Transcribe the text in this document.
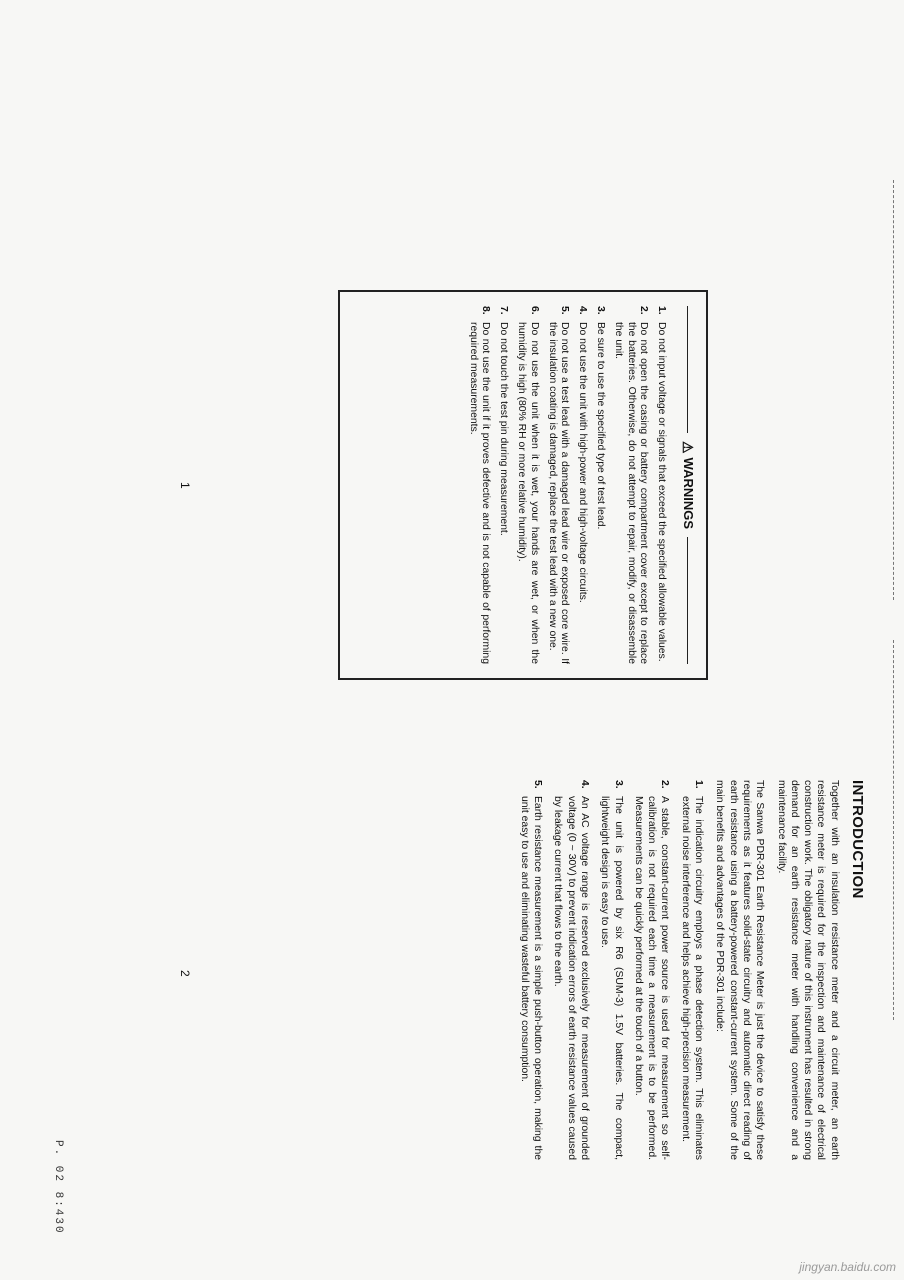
⚠
WARNINGS
1.
Do not input voltage or signals that exceed the specified allowable values.
2.
Do not open the casing or battery compartment cover except to replace the batteries. Otherwise, do not attempt to repair, modify, or disassemble the unit.
3.
Be sure to use the specified type of test lead.
4.
Do not use the unit with high-power and high-voltage circuits.
5.
Do not use a test lead with a damaged lead wire or exposed core wire. If the insulation coating is damaged, replace the test lead with a new one.
6.
Do not use the unit when it is wet, your hands are wet, or when the humidity is high (80% RH or more relative humidity).
7.
Do not touch the test pin during measurement.
8.
Do not use the unit if it proves defective and is not capable of performing required measurements.
INTRODUCTION

Together with an insulation resistance meter and a circuit meter, an earth resistance meter is required for the inspection and maintenance of electrical construction work. The obligatory nature of this instrument has resulted in strong demand for an earth resistance meter with handling convenience and a maintenance facility.

The Sanwa PDR-301 Earth Resistance Meter is just the device to satisfy these requirements as it features solid-state circuitry and automatic direct reading of earth resistance using a battery-powered constant-current system. Some of the main benefits and advantages of the PDR-301 include:

1.
The indication circuitry employs a phase detection system. This eliminates external noise interference and helps achieve high-precision measurement.
2.
A stable, constant-current power source is used for measurement so self-calibration is not required each time a measurement is to be performed. Measurements can be quickly performed at the touch of a button.
3.
The unit is powered by six R6 (SUM-3) 1.5V batteries. The compact, lightweight design is easy to use.
4.
An AC voltage range is reserved exclusively for measurement of grounded voltage (0 ~ 30V) to prevent indication errors of earth resistance values caused by leakage current that flows to the earth.
5.
Earth resistance measurement is a simple push-button operation, making the unit easy to use and eliminating wasteful battery consumption.
1
2
P. 02 8:430
jingyan.baidu.com
